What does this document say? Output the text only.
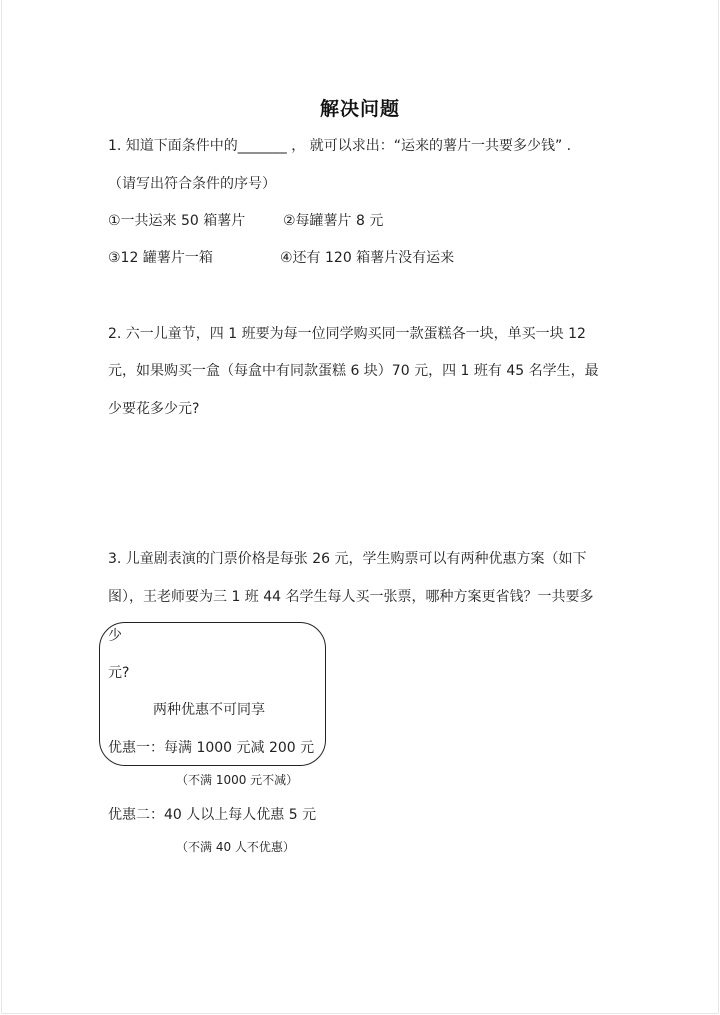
解决问题
1. 知道下面条件中的_______ ， 就可以求出：“运来的薯片一共要多少钱” .
（请写出符合条件的序号）
①一共运来 50 箱薯片	②每罐薯片 8 元
③12 罐薯片一箱	④还有 120 箱薯片没有运来
2. 六一儿童节，四 1 班要为每一位同学购买同一款蛋糕各一块，单买一块 12
元，如果购买一盒（每盒中有同款蛋糕 6 块）70 元，四 1 班有 45 名学生，最
少要花多少元?
3. 儿童剧表演的门票价格是每张 26 元，学生购票可以有两种优惠方案（如下
图），王老师要为三 1 班 44 名学生每人买一张票，哪种方案更省钱？一共要多
少
元?
两种优惠不可同享
优惠一：每满 1000 元减 200 元
（不满 1000 元不减）
优惠二：40 人以上每人优惠 5 元
（不满 40 人不优惠）
